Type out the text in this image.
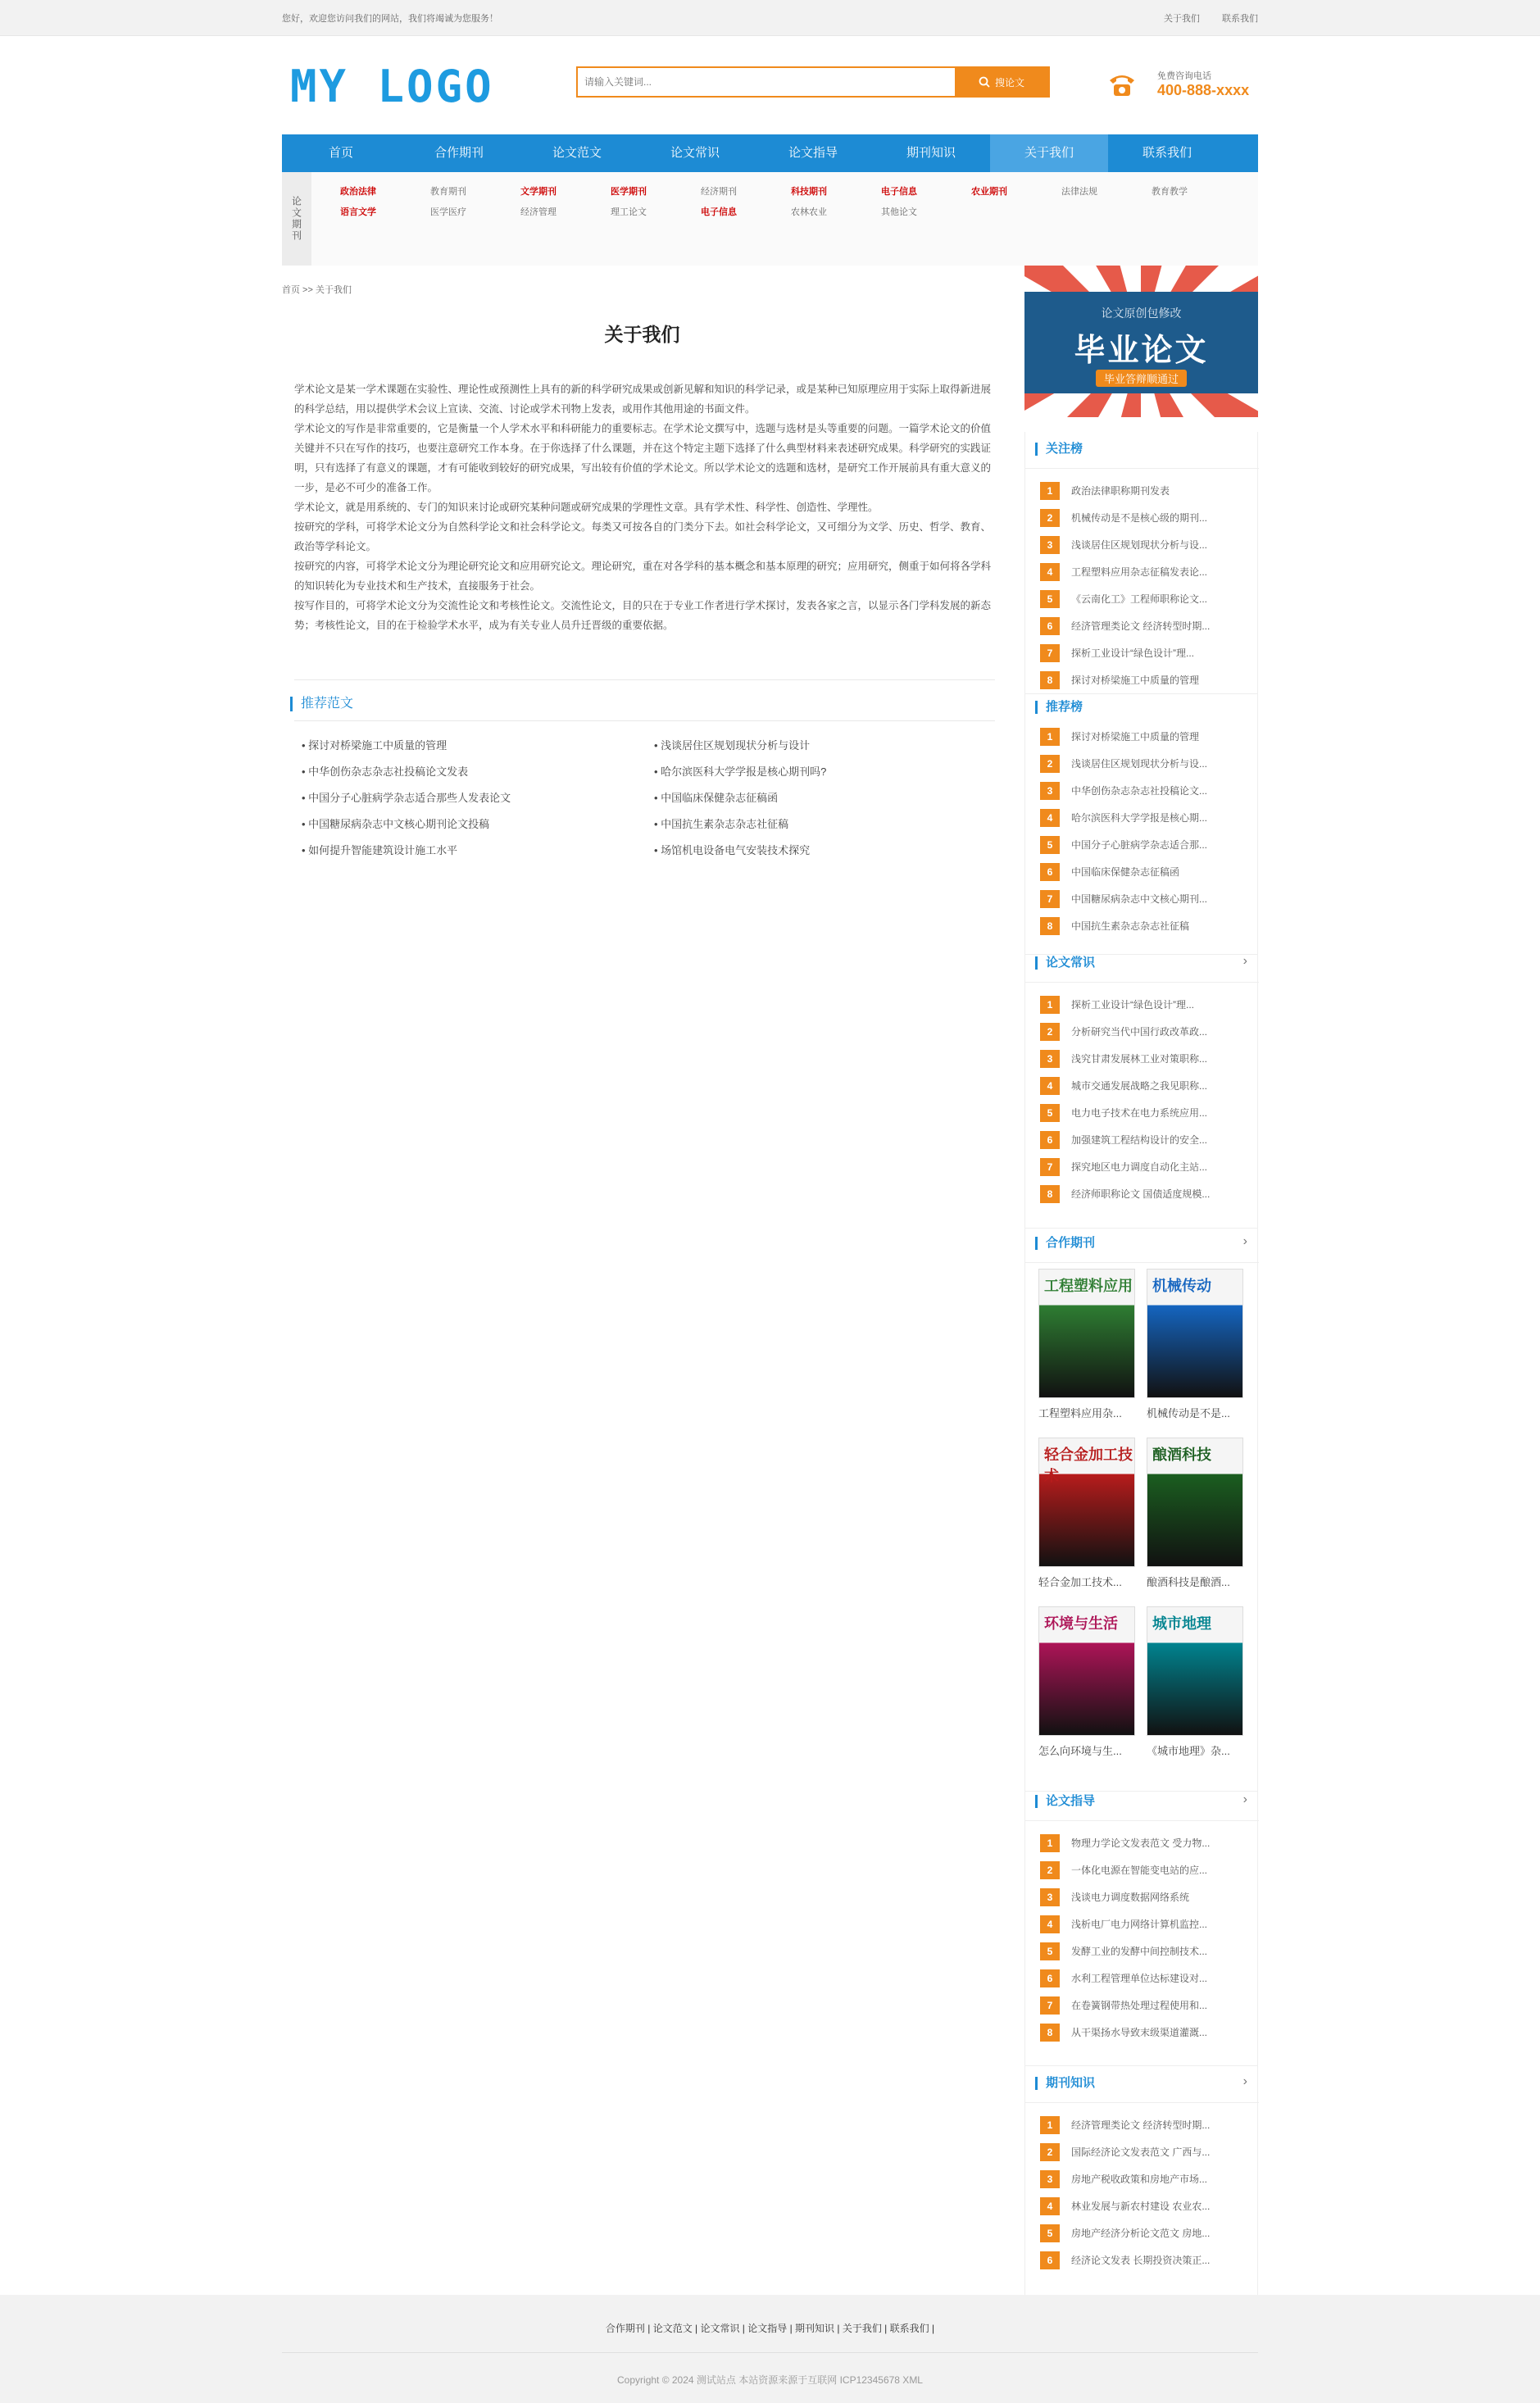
您好，欢迎您访问我们的网站，我们将竭诚为您服务！	关于我们 联系我们
MY LOGO
请输入关键词...	搜论文
免费咨询电话
400-888-xxxx
首页	合作期刊	论文范文	论文常识	论文指导	期刊知识	关于我们	联系我们
论文期刊
政治法律	教育期刊	文学期刊	医学期刊	经济期刊	科技期刊	电子信息	农业期刊	法律法规	教育教学
语言文学	医学医疗	经济管理	理工论文	电子信息	农林农业	其他论文
首页 >> 关于我们
关于我们

学术论文是某一学术课题在实验性、理论性或预测性上具有的新的科学研究成果或创新见解和知识的科学记录，或是某种已知原理应用于实际上取得新进展的科学总结，用以提供学术会议上宣读、交流、讨论或学术刊物上发表，或用作其他用途的书面文件。

学术论文的写作是非常重要的，它是衡量一个人学术水平和科研能力的重要标志。在学术论文撰写中，选题与选材是头等重要的问题。一篇学术论文的价值关键并不只在写作的技巧，也要注意研究工作本身。在于你选择了什么课题，并在这个特定主题下选择了什么典型材料来表述研究成果。科学研究的实践证明，只有选择了有意义的课题，才有可能收到较好的研究成果，写出较有价值的学术论文。所以学术论文的选题和选材，是研究工作开展前具有重大意义的一步，是必不可少的准备工作。

学术论文，就是用系统的、专门的知识来讨论或研究某种问题或研究成果的学理性文章。具有学术性、科学性、创造性、学理性。

按研究的学科，可将学术论文分为自然科学论文和社会科学论文。每类又可按各自的门类分下去。如社会科学论文，又可细分为文学、历史、哲学、教育、政治等学科论文。

按研究的内容，可将学术论文分为理论研究论文和应用研究论文。理论研究，重在对各学科的基本概念和基本原理的研究；应用研究，侧重于如何将各学科的知识转化为专业技术和生产技术，直接服务于社会。

按写作目的，可将学术论文分为交流性论文和考核性论文。交流性论文，目的只在于专业工作者进行学术探讨，发表各家之言，以显示各门学科发展的新态势；考核性论文，目的在于检验学术水平，成为有关专业人员升迁晋级的重要依据。

推荐范文
• 探讨对桥梁施工中质量的管理
• 中华创伤杂志杂志社投稿论文发表
• 中国分子心脏病学杂志适合那些人发表论文
• 中国糖尿病杂志中文核心期刊论文投稿
• 如何提升智能建筑设计施工水平
• 浅谈居住区规划现状分析与设计
• 哈尔滨医科大学学报是核心期刊吗?
• 中国临床保健杂志征稿函
• 中国抗生素杂志杂志社征稿
• 场馆机电设备电气安装技术探究
论文原创包修改
毕业论文
毕业答辩顺通过
关注榜
1	政治法律职称期刊发表
2	机械传动是不是核心级的期刊...
3	浅谈居住区规划现状分析与设...
4	工程塑料应用杂志征稿发表论...
5	《云南化工》工程师职称论文...
6	经济管理类论文 经济转型时期...
7	探析工业设计“绿色设计”理...
8	探讨对桥梁施工中质量的管理
推荐榜
1	探讨对桥梁施工中质量的管理
2	浅谈居住区规划现状分析与设...
3	中华创伤杂志杂志社投稿论文...
4	哈尔滨医科大学学报是核心期...
5	中国分子心脏病学杂志适合那...
6	中国临床保健杂志征稿函
7	中国糖尿病杂志中文核心期刊...
8	中国抗生素杂志杂志社征稿
论文常识	›
1	探析工业设计“绿色设计”理...
2	分析研究当代中国行政改革政...
3	浅究甘肃发展林工业对策职称...
4	城市交通发展战略之我见职称...
5	电力电子技术在电力系统应用...
6	加强建筑工程结构设计的安全...
7	探究地区电力调度自动化主站...
8	经济师职称论文 国债适度规模...
合作期刊	›
工程塑料应用
工程塑料应用杂...
机械传动
机械传动是不是...
轻合金加工技术
轻合金加工技术...
酿酒科技
酿酒科技是酿酒...
环境与生活
怎么向环境与生...
城市地理
《城市地理》杂...
论文指导	›
1	物理力学论文发表范文 受力物...
2	一体化电源在智能变电站的应...
3	浅谈电力调度数据网络系统
4	浅析电厂电力网络计算机监控...
5	发酵工业的发酵中间控制技术...
6	水利工程管理单位达标建设对...
7	在卷簧钢带热处理过程使用和...
8	从干渠扬水导致末级渠道灌溉...
期刊知识	›
1	经济管理类论文 经济转型时期...
2	国际经济论文发表范文 广西与...
3	房地产税收政策和房地产市场...
4	林业发展与新农村建设 农业农...
5	房地产经济分析论文范文 房地...
6	经济论文发表 长期投资决策正...
合作期刊 | 论文范文 | 论文常识 | 论文指导 | 期刊知识 | 关于我们 | 联系我们 |
Copyright © 2024 测试站点 本站资源来源于互联网 ICP12345678 XML
